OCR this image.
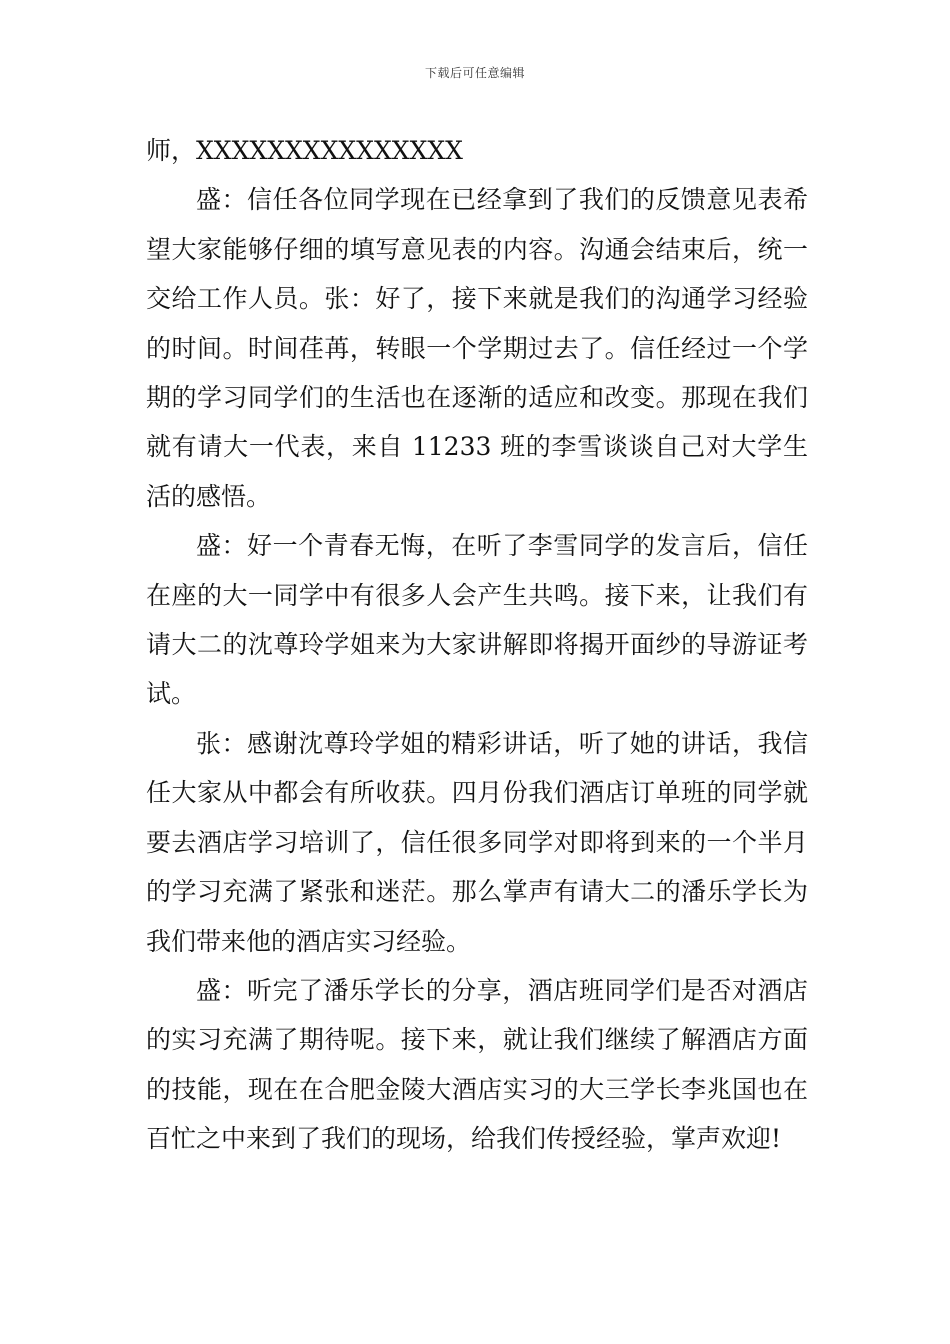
下载后可任意编辑

师，XXXXXXXXXXXXXXX

盛：信任各位同学现在已经拿到了我们的反馈意见表希望大家能够仔细的填写意见表的内容。沟通会结束后，统一交给工作人员。张：好了，接下来就是我们的沟通学习经验的时间。时间荏苒，转眼一个学期过去了。信任经过一个学期的学习同学们的生活也在逐渐的适应和改变。那现在我们就有请大一代表，来自 11233 班的李雪谈谈自己对大学生活的感悟。

盛：好一个青春无悔，在听了李雪同学的发言后，信任在座的大一同学中有很多人会产生共鸣。接下来，让我们有请大二的沈尊玲学姐来为大家讲解即将揭开面纱的导游证考试。

张：感谢沈尊玲学姐的精彩讲话，听了她的讲话，我信任大家从中都会有所收获。四月份我们酒店订单班的同学就要去酒店学习培训了，信任很多同学对即将到来的一个半月的学习充满了紧张和迷茫。那么掌声有请大二的潘乐学长为我们带来他的酒店实习经验。

盛：听完了潘乐学长的分享，酒店班同学们是否对酒店的实习充满了期待呢。接下来，就让我们继续了解酒店方面的技能，现在在合肥金陵大酒店实习的大三学长李兆国也在百忙之中来到了我们的现场，给我们传授经验，掌声欢迎!
